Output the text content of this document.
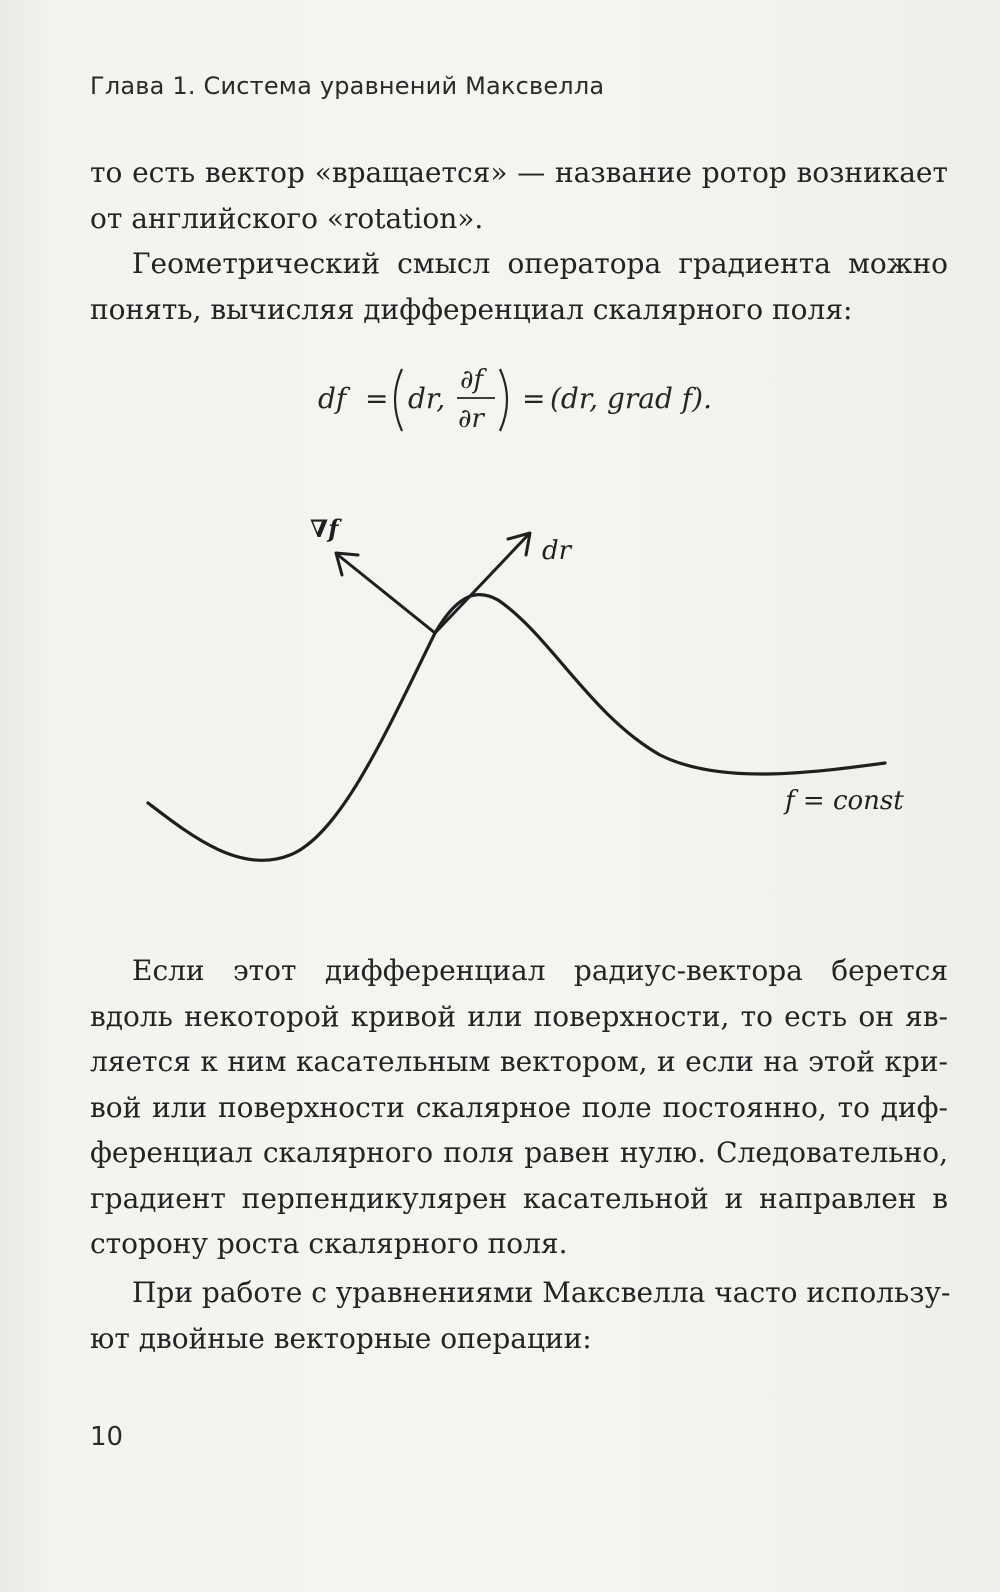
Глава 1. Система уравнений Максвелла

то есть вектор «вращается» — название ротор возникает
от английского «rotation».

  Геометрический смысл оператора градиента можно
понять, вычисляя дифференциал скалярного поля:

df = dr,
∂f
∂r
= (dr, grad f).
∇f
dr
f = const

  Если этот дифференциал радиус-вектора берется
вдоль некоторой кривой или поверхности, то есть он яв-
ляется к ним касательным вектором, и если на этой кри-
вой или поверхности скалярное поле постоянно, то диф-
ференциал скалярного поля равен нулю. Следовательно,
градиент перпендикулярен касательной и направлен в
сторону роста скалярного поля.

  При работе с уравнениями Максвелла часто использу-
ют двойные векторные операции:

10
